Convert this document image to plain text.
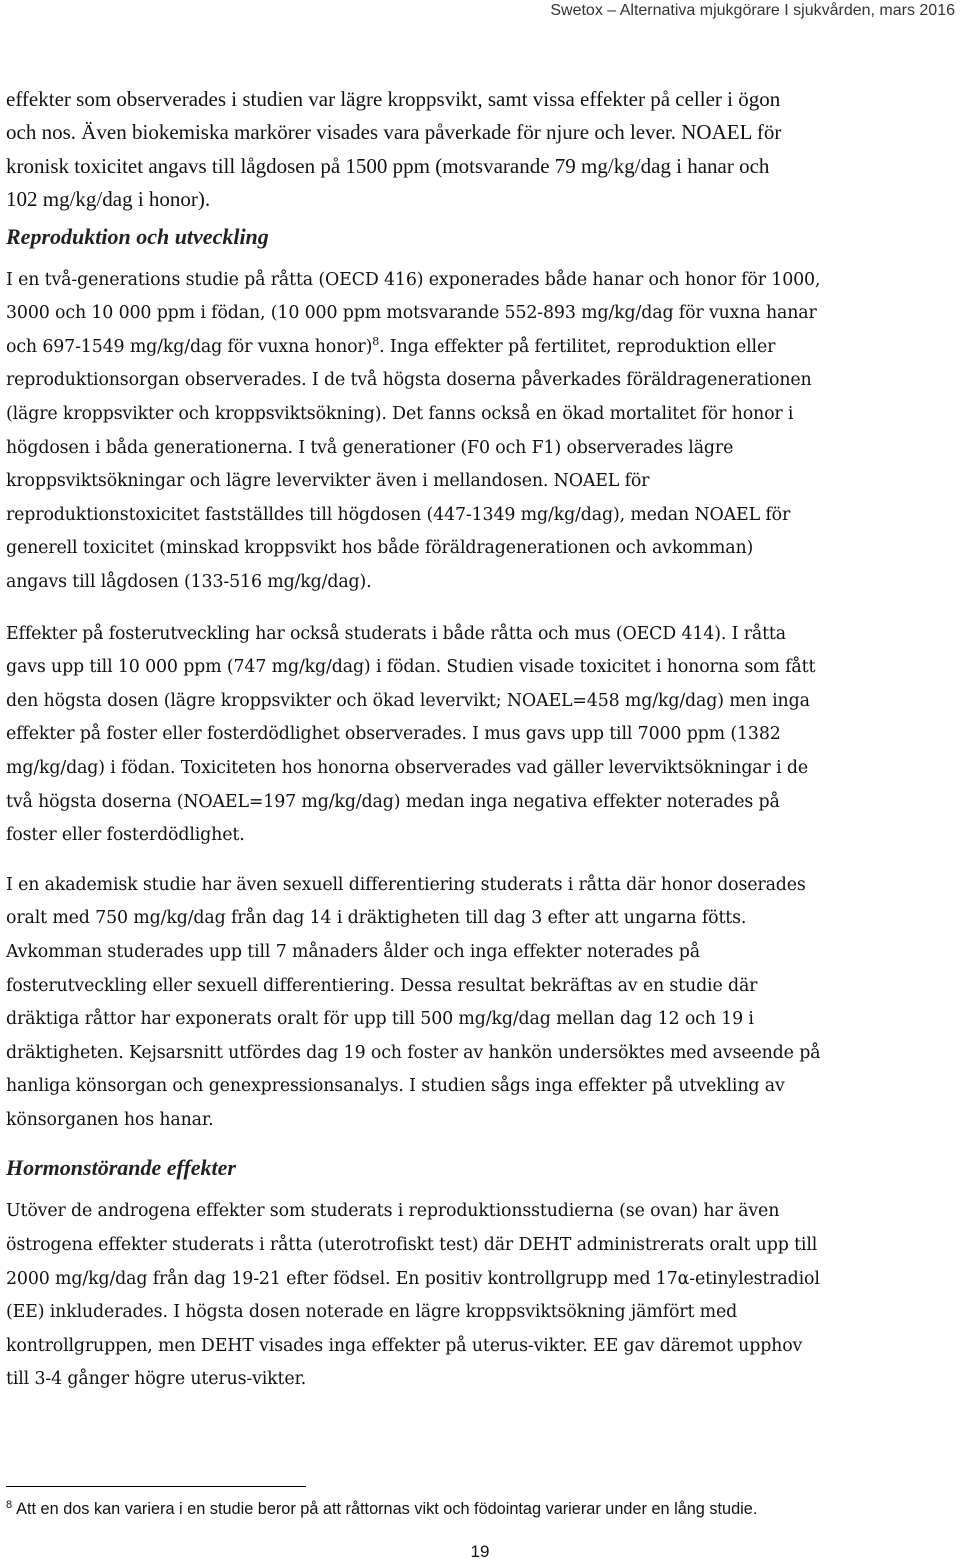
Swetox – Alternativa mjukgörare I sjukvården, mars 2016

effekter som observerades i studien var lägre kroppsvikt, samt vissa effekter på celler i ögon
och nos. Även biokemiska markörer visades vara påverkade för njure och lever. NOAEL för
kronisk toxicitet angavs till lågdosen på 1500 ppm (motsvarande 79 mg/kg/dag i hanar och
102 mg/kg/dag i honor).

Reproduktion och utveckling

I en två-generations studie på råtta (OECD 416) exponerades både hanar och honor för 1000,
3000 och 10 000 ppm i födan, (10 000 ppm motsvarande 552-893 mg/kg/dag för vuxna hanar
och 697-1549 mg/kg/dag för vuxna honor)$^8$. Inga effekter på fertilitet, reproduktion eller
reproduktionsorgan observerades. I de två högsta doserna påverkades föräldragenerationen
(lägre kroppsvikter och kroppsviktsökning). Det fanns också en ökad mortalitet för honor i
högdosen i båda generationerna. I två generationer (F0 och F1) observerades lägre
kroppsviktsökningar och lägre levervikter även i mellandosen. NOAEL för
reproduktionstoxicitet fastställdes till högdosen (447-1349 mg/kg/dag), medan NOAEL för
generell toxicitet (minskad kroppsvikt hos både föräldragenerationen och avkomman)
angavs till lågdosen (133-516 mg/kg/dag).

Effekter på fosterutveckling har också studerats i både råtta och mus (OECD 414). I råtta
gavs upp till 10 000 ppm (747 mg/kg/dag) i födan. Studien visade toxicitet i honorna som fått
den högsta dosen (lägre kroppsvikter och ökad levervikt; NOAEL=458 mg/kg/dag) men inga
effekter på foster eller fosterdödlighet observerades. I mus gavs upp till 7000 ppm (1382
mg/kg/dag) i födan. Toxiciteten hos honorna observerades vad gäller leverviktsökningar i de
två högsta doserna (NOAEL=197 mg/kg/dag) medan inga negativa effekter noterades på
foster eller fosterdödlighet.

I en akademisk studie har även sexuell differentiering studerats i råtta där honor doserades
oralt med 750 mg/kg/dag från dag 14 i dräktigheten till dag 3 efter att ungarna fötts.
Avkomman studerades upp till 7 månaders ålder och inga effekter noterades på
fosterutveckling eller sexuell differentiering. Dessa resultat bekräftas av en studie där
dräktiga råttor har exponerats oralt för upp till 500 mg/kg/dag mellan dag 12 och 19 i
dräktigheten. Kejsarsnitt utfördes dag 19 och foster av hankön undersöktes med avseende på
hanliga könsorgan och genexpressionsanalys. I studien sågs inga effekter på utvekling av
könsorganen hos hanar.

Hormonstörande effekter

Utöver de androgena effekter som studerats i reproduktionsstudierna (se ovan) har även
östrogena effekter studerats i råtta (uterotrofiskt test) där DEHT administrerats oralt upp till
2000 mg/kg/dag från dag 19-21 efter födsel. En positiv kontrollgrupp med 17α-etinylestradiol
(EE) inkluderades. I högsta dosen noterade en lägre kroppsviktsökning jämfört med
kontrollgruppen, men DEHT visades inga effekter på uterus-vikter. EE gav däremot upphov
till 3-4 gånger högre uterus-vikter.

$^8$ Att en dos kan variera i en studie beror på att råttornas vikt och födointag varierar under en lång studie.
19
